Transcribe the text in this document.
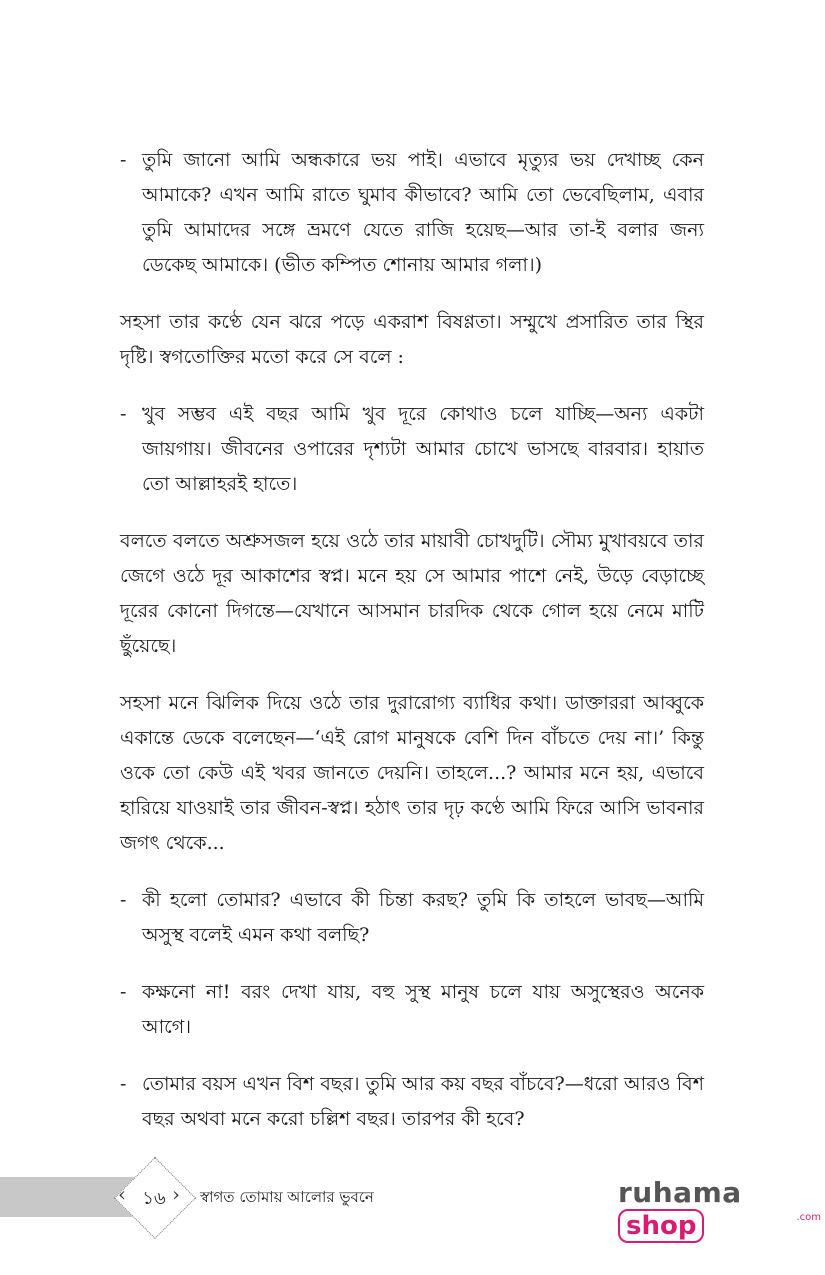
- তুমি জানো আমি অন্ধকারে ভয় পাই। এভাবে মৃত্যুর ভয় দেখাচ্ছ কেন আমাকে? এখন আমি রাতে ঘুমাব কীভাবে? আমি তো ভেবেছিলাম, এবার তুমি আমাদের সঙ্গে ভ্রমণে যেতে রাজি হয়েছ—আর তা-ই বলার জন্য ডেকেছ আমাকে। (ভীত কম্পিত শোনায় আমার গলা।)

সহসা তার কণ্ঠে যেন ঝরে পড়ে একরাশ বিষণ্ণতা। সম্মুখে প্রসারিত তার স্থির দৃষ্টি। স্বগতোক্তির মতো করে সে বলে :

- খুব সম্ভব এই বছর আমি খুব দূরে কোথাও চলে যাচ্ছি—অন্য একটা জায়গায়। জীবনের ওপারের দৃশ্যটা আমার চোখে ভাসছে বারবার। হায়াত তো আল্লাহরই হাতে।

বলতে বলতে অশ্রুসজল হয়ে ওঠে তার মায়াবী চোখদুটি। সৌম্য মুখাবয়বে তার জেগে ওঠে দূর আকাশের স্বপ্ন। মনে হয় সে আমার পাশে নেই, উড়ে বেড়াচ্ছে দূরের কোনো দিগন্তে—যেখানে আসমান চারদিক থেকে গোল হয়ে নেমে মাটি ছুঁয়েছে।

সহসা মনে ঝিলিক দিয়ে ওঠে তার দুরারোগ্য ব্যাধির কথা। ডাক্তাররা আব্বুকে একান্তে ডেকে বলেছেন—‘এই রোগ মানুষকে বেশি দিন বাঁচতে দেয় না।’ কিন্তু ওকে তো কেউ এই খবর জানতে দেয়নি। তাহলে...? আমার মনে হয়, এভাবে হারিয়ে যাওয়াই তার জীবন-স্বপ্ন। হঠাৎ তার দৃঢ় কণ্ঠে আমি ফিরে আসি ভাবনার জগৎ থেকে...

- কী হলো তোমার? এভাবে কী চিন্তা করছ? তুমি কি তাহলে ভাবছ—আমি অসুস্থ বলেই এমন কথা বলছি?
- কক্ষনো না! বরং দেখা যায়, বহু সুস্থ মানুষ চলে যায় অসুস্থেরও অনেক আগে।
- তোমার বয়স এখন বিশ বছর। তুমি আর কয় বছর বাঁচবে?—ধরো আরও বিশ বছর অথবা মনে করো চল্লিশ বছর। তারপর কী হবে?
‹ ১৬ › স্বাগত তোমায় আলোর ভুবনে	ruhamashop	.com
